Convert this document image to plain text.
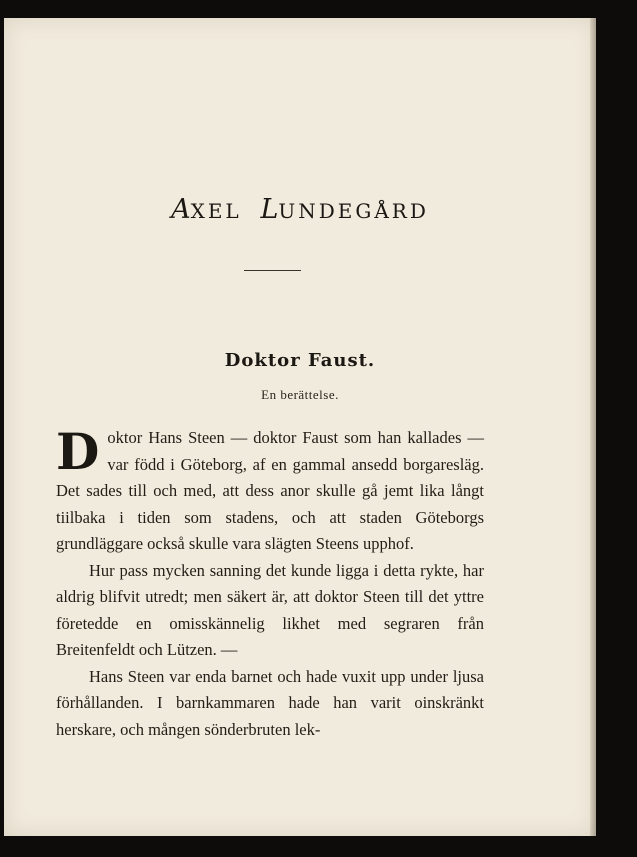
AXEL LUNDEGÅRD
Doktor Faust.
En berättelse.

Doktor Hans Steen — doktor Faust som han kallades — var född i Göteborg, af en gammal ansedd borgaresläg. Det sades till och med, att dess anor skulle gå jemt lika långt tiilbaka i tiden som stadens, och att staden Göteborgs grundläggare också skulle vara slägten Steens upphof.

Hur pass mycken sanning det kunde ligga i detta rykte, har aldrig blifvit utredt; men säkert är, att doktor Steen till det yttre företedde en omisskännelig likhet med segraren från Breitenfeldt och Lützen. —

Hans Steen var enda barnet och hade vuxit upp under ljusa förhållanden. I barnkammaren hade han varit oinskränkt herskare, och mången sönderbruten lek-
